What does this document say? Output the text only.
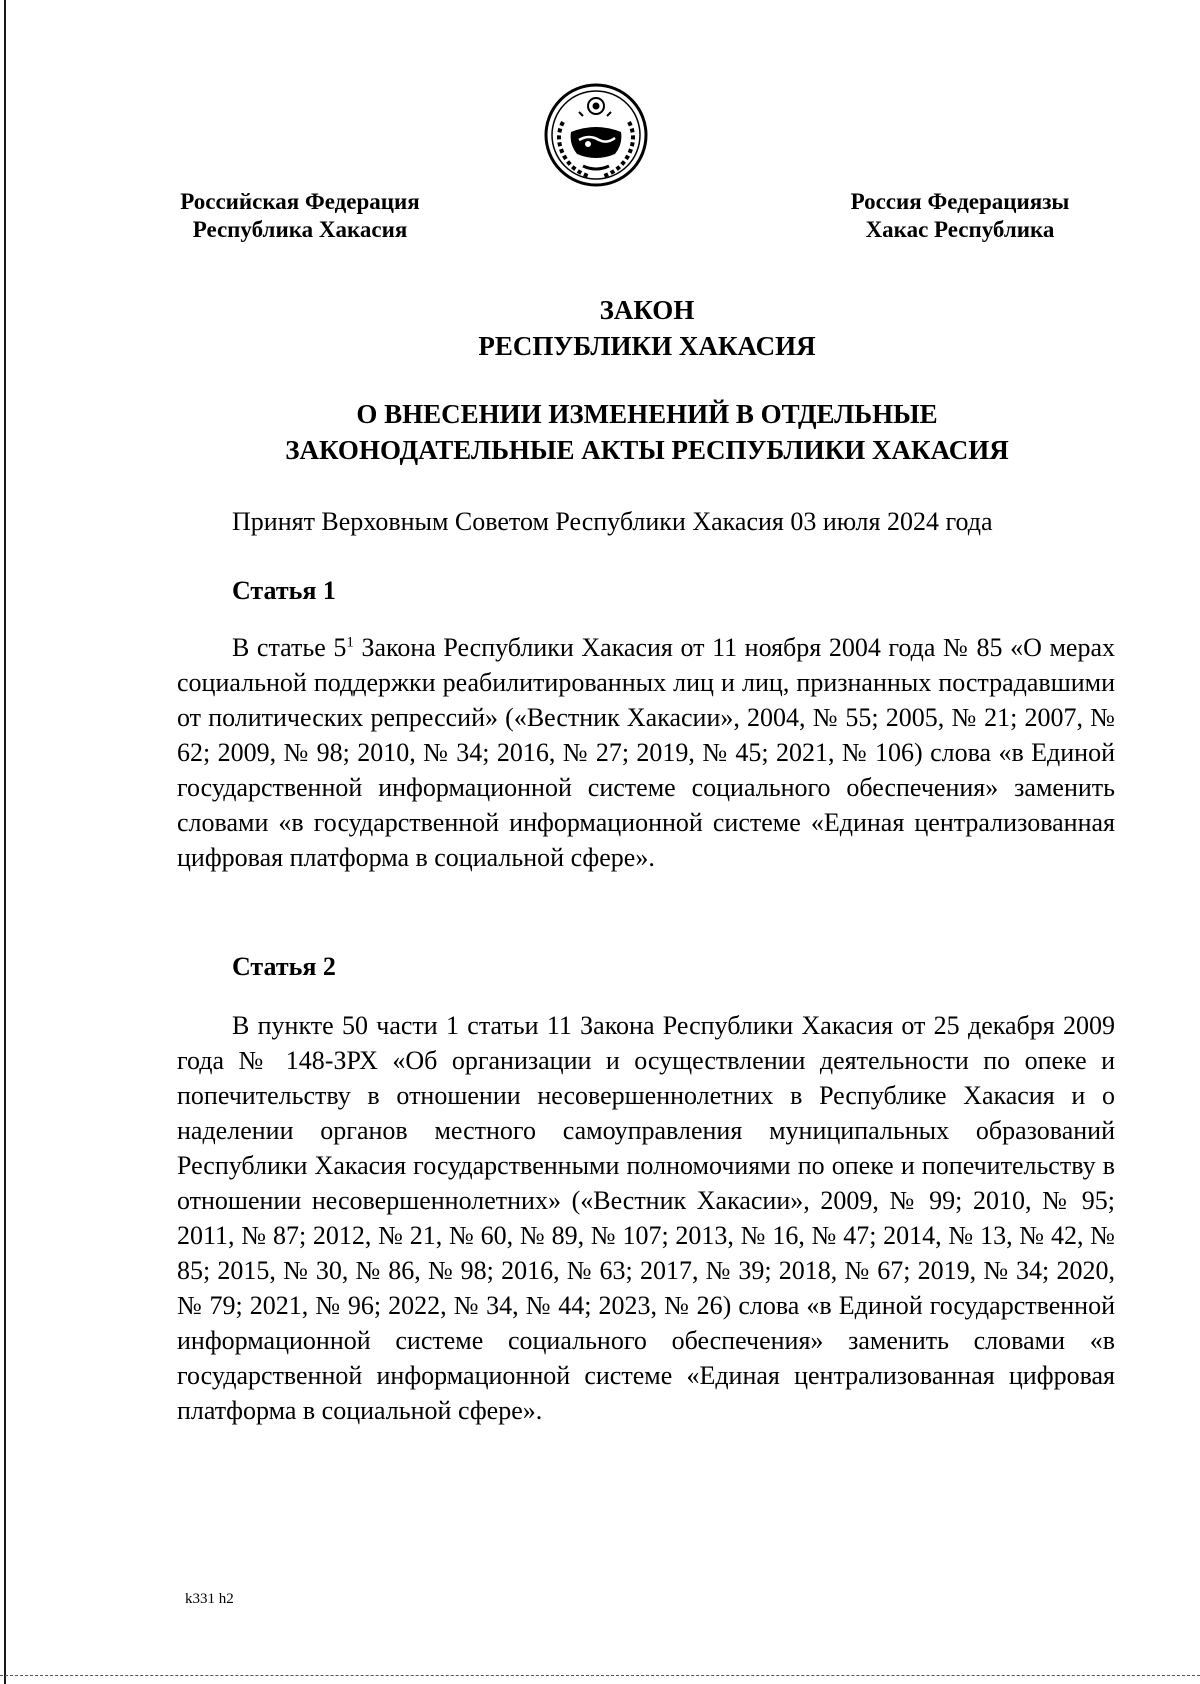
Российская Федерация
Республика Хакасия
Россия Федерациязы
Хакас Республика
ЗАКОН
РЕСПУБЛИКИ ХАКАСИЯ
О ВНЕСЕНИИ ИЗМЕНЕНИЙ В ОТДЕЛЬНЫЕ
ЗАКОНОДАТЕЛЬНЫЕ АКТЫ РЕСПУБЛИКИ ХАКАСИЯ
Принят Верховным Советом Республики Хакасия 03 июля 2024 года
Статья 1
В статье $5^1$ Закона Республики Хакасия от 11 ноября 2004 года № 85 «О мерах социальной поддержки реабилитированных лиц и лиц, признанных пострадавшими от политических репрессий» («Вестник Хакасии», 2004, № 55; 2005, № 21; 2007, № 62; 2009, № 98; 2010, № 34; 2016, № 27; 2019, № 45; 2021, № 106) слова «в Единой государственной информационной системе социального обеспечения» заменить словами «в государственной информационной системе «Единая централизованная цифровая платформа в социальной сфере».
Статья 2
В пункте 50 части 1 статьи 11 Закона Республики Хакасия от 25 декабря 2009 года № 148-ЗРХ «Об организации и осуществлении деятельности по опеке и попечительству в отношении несовершеннолетних в Республике Хакасия и о наделении органов местного самоуправления муниципальных образований Республики Хакасия государственными полномочиями по опеке и попечительству в отношении несовершеннолетних» («Вестник Хакасии», 2009, № 99; 2010, № 95; 2011, № 87; 2012, № 21, № 60, № 89, № 107; 2013, № 16, № 47; 2014, № 13, № 42, № 85; 2015, № 30, № 86, № 98; 2016, № 63; 2017, № 39; 2018, № 67; 2019, № 34; 2020, № 79; 2021, № 96; 2022, № 34, № 44; 2023, № 26) слова «в Единой государственной информационной системе социального обеспечения» заменить словами «в государственной информационной системе «Единая централизованная цифровая платформа в социальной сфере».
k331 h2
